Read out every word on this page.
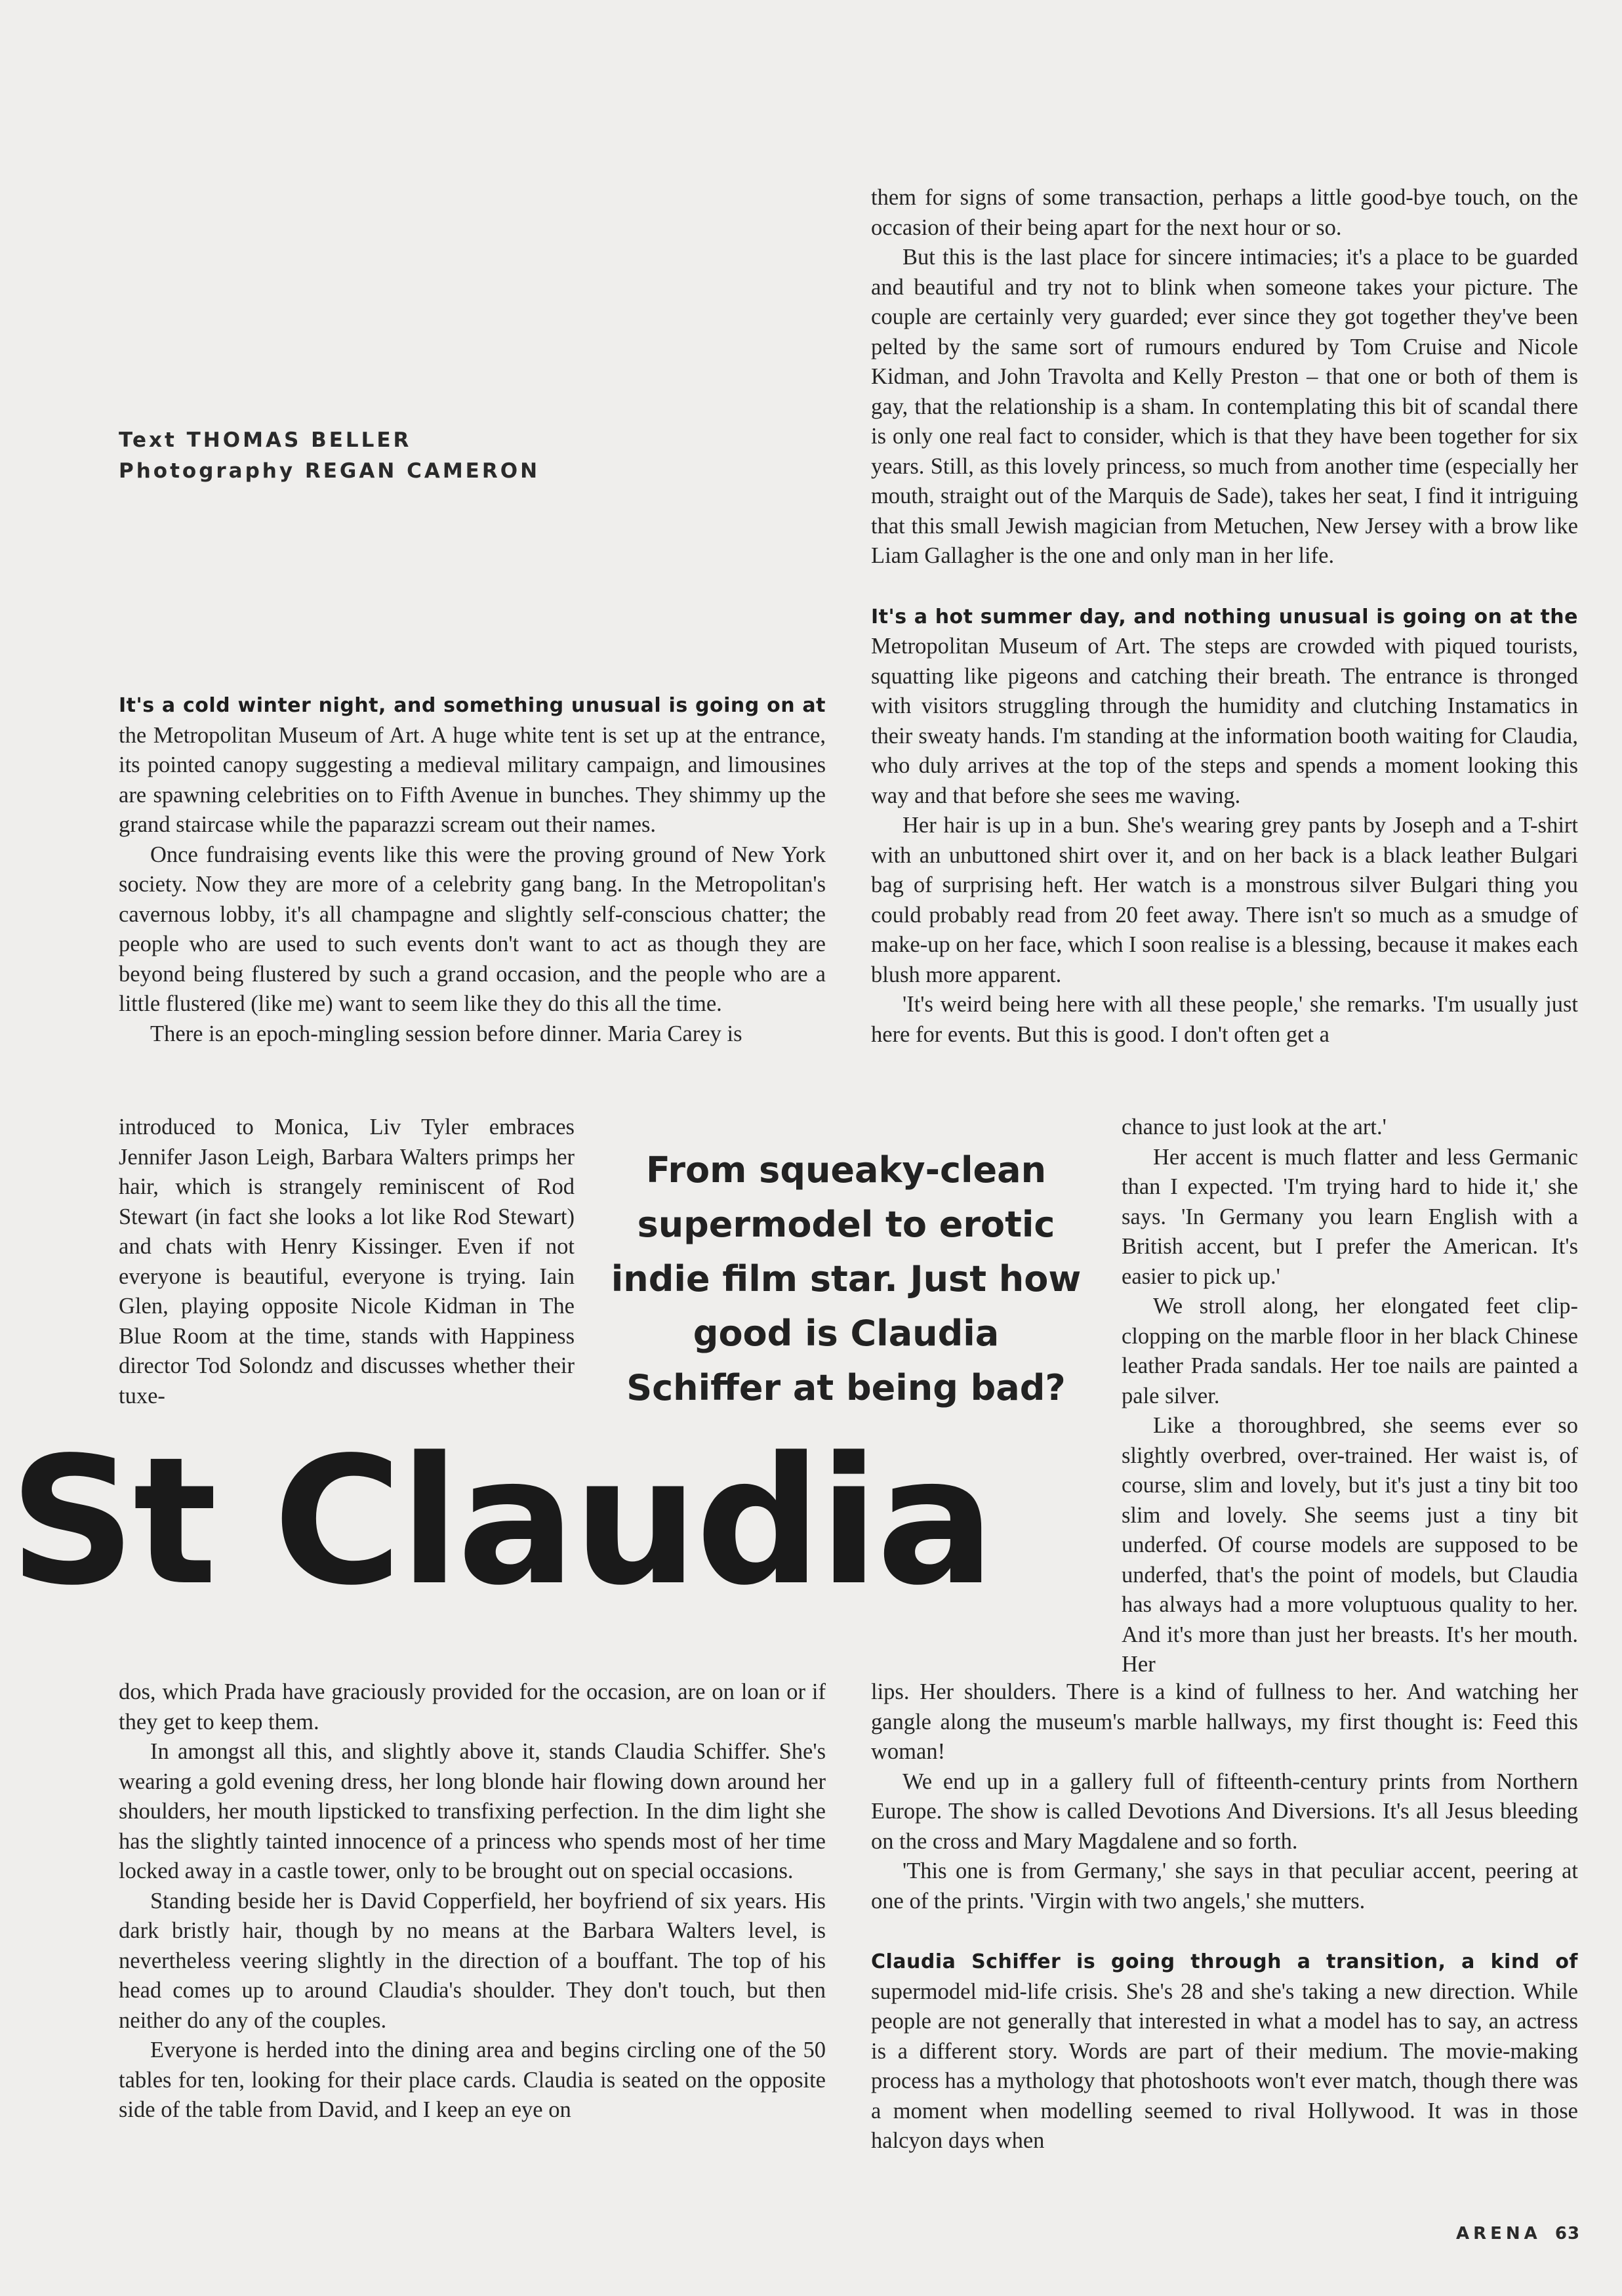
Text THOMAS BELLER
Photography REGAN CAMERON

It's a cold winter night, and something unusual is going on at the Metropolitan Museum of Art. A huge white tent is set up at the entrance, its pointed canopy suggesting a medieval military campaign, and limousines are spawning celebrities on to Fifth Avenue in bunches. They shimmy up the grand staircase while the paparazzi scream out their names.

Once fundraising events like this were the proving ground of New York society. Now they are more of a celebrity gang bang. In the Metropolitan's cavernous lobby, it's all champagne and slightly self-conscious chatter; the people who are used to such events don't want to act as though they are beyond being flustered by such a grand occasion, and the people who are a little flustered (like me) want to seem like they do this all the time.

There is an epoch-mingling session before dinner. Maria Carey is

introduced to Monica, Liv Tyler embraces Jennifer Jason Leigh, Barbara Walters primps her hair, which is strangely reminiscent of Rod Stewart (in fact she looks a lot like Rod Stewart) and chats with Henry Kissinger. Even if not everyone is beautiful, everyone is trying. Iain Glen, playing opposite Nicole Kidman in The Blue Room at the time, stands with Happiness director Tod Solondz and discusses whether their tuxe-

From squeaky-clean supermodel to erotic indie film star. Just how good is Claudia Schiffer at being bad?
St Claudia

dos, which Prada have graciously provided for the occasion, are on loan or if they get to keep them.

In amongst all this, and slightly above it, stands Claudia Schiffer. She's wearing a gold evening dress, her long blonde hair flowing down around her shoulders, her mouth lipsticked to transfixing perfection. In the dim light she has the slightly tainted innocence of a princess who spends most of her time locked away in a castle tower, only to be brought out on special occasions.

Standing beside her is David Copperfield, her boyfriend of six years. His dark bristly hair, though by no means at the Barbara Walters level, is nevertheless veering slightly in the direction of a bouffant. The top of his head comes up to around Claudia's shoulder. They don't touch, but then neither do any of the couples.

Everyone is herded into the dining area and begins circling one of the 50 tables for ten, looking for their place cards. Claudia is seated on the opposite side of the table from David, and I keep an eye on

them for signs of some transaction, perhaps a little good-bye touch, on the occasion of their being apart for the next hour or so.

But this is the last place for sincere intimacies; it's a place to be guarded and beautiful and try not to blink when someone takes your picture. The couple are certainly very guarded; ever since they got together they've been pelted by the same sort of rumours endured by Tom Cruise and Nicole Kidman, and John Travolta and Kelly Preston – that one or both of them is gay, that the relationship is a sham. In contemplating this bit of scandal there is only one real fact to consider, which is that they have been together for six years. Still, as this lovely princess, so much from another time (especially her mouth, straight out of the Marquis de Sade), takes her seat, I find it intriguing that this small Jewish magician from Metuchen, New Jersey with a brow like Liam Gallagher is the one and only man in her life.

It's a hot summer day, and nothing unusual is going on at the Metropolitan Museum of Art. The steps are crowded with piqued tourists, squatting like pigeons and catching their breath. The entrance is thronged with visitors struggling through the humidity and clutching Instamatics in their sweaty hands. I'm standing at the information booth waiting for Claudia, who duly arrives at the top of the steps and spends a moment looking this way and that before she sees me waving.

Her hair is up in a bun. She's wearing grey pants by Joseph and a T-shirt with an unbuttoned shirt over it, and on her back is a black leather Bulgari bag of surprising heft. Her watch is a monstrous silver Bulgari thing you could probably read from 20 feet away. There isn't so much as a smudge of make-up on her face, which I soon realise is a blessing, because it makes each blush more apparent.

'It's weird being here with all these people,' she remarks. 'I'm usually just here for events. But this is good. I don't often get a

chance to just look at the art.'

Her accent is much flatter and less Germanic than I expected. 'I'm trying hard to hide it,' she says. 'In Germany you learn English with a British accent, but I prefer the American. It's easier to pick up.'

We stroll along, her elongated feet clip-clopping on the marble floor in her black Chinese leather Prada sandals. Her toe nails are painted a pale silver.

Like a thoroughbred, she seems ever so slightly overbred, over-trained. Her waist is, of course, slim and lovely, but it's just a tiny bit too slim and lovely. She seems just a tiny bit underfed. Of course models are supposed to be underfed, that's the point of models, but Claudia has always had a more voluptuous quality to her. And it's more than just her breasts. It's her mouth. Her

lips. Her shoulders. There is a kind of fullness to her. And watching her gangle along the museum's marble hallways, my first thought is: Feed this woman!

We end up in a gallery full of fifteenth-century prints from Northern Europe. The show is called Devotions And Diversions. It's all Jesus bleeding on the cross and Mary Magdalene and so forth.

'This one is from Germany,' she says in that peculiar accent, peering at one of the prints. 'Virgin with two angels,' she mutters.

Claudia Schiffer is going through a transition, a kind of supermodel mid-life crisis. She's 28 and she's taking a new direction. While people are not generally that interested in what a model has to say, an actress is a different story. Words are part of their medium. The movie-making process has a mythology that photoshoots won't ever match, though there was a moment when modelling seemed to rival Hollywood. It was in those halcyon days when

ARENA 63
